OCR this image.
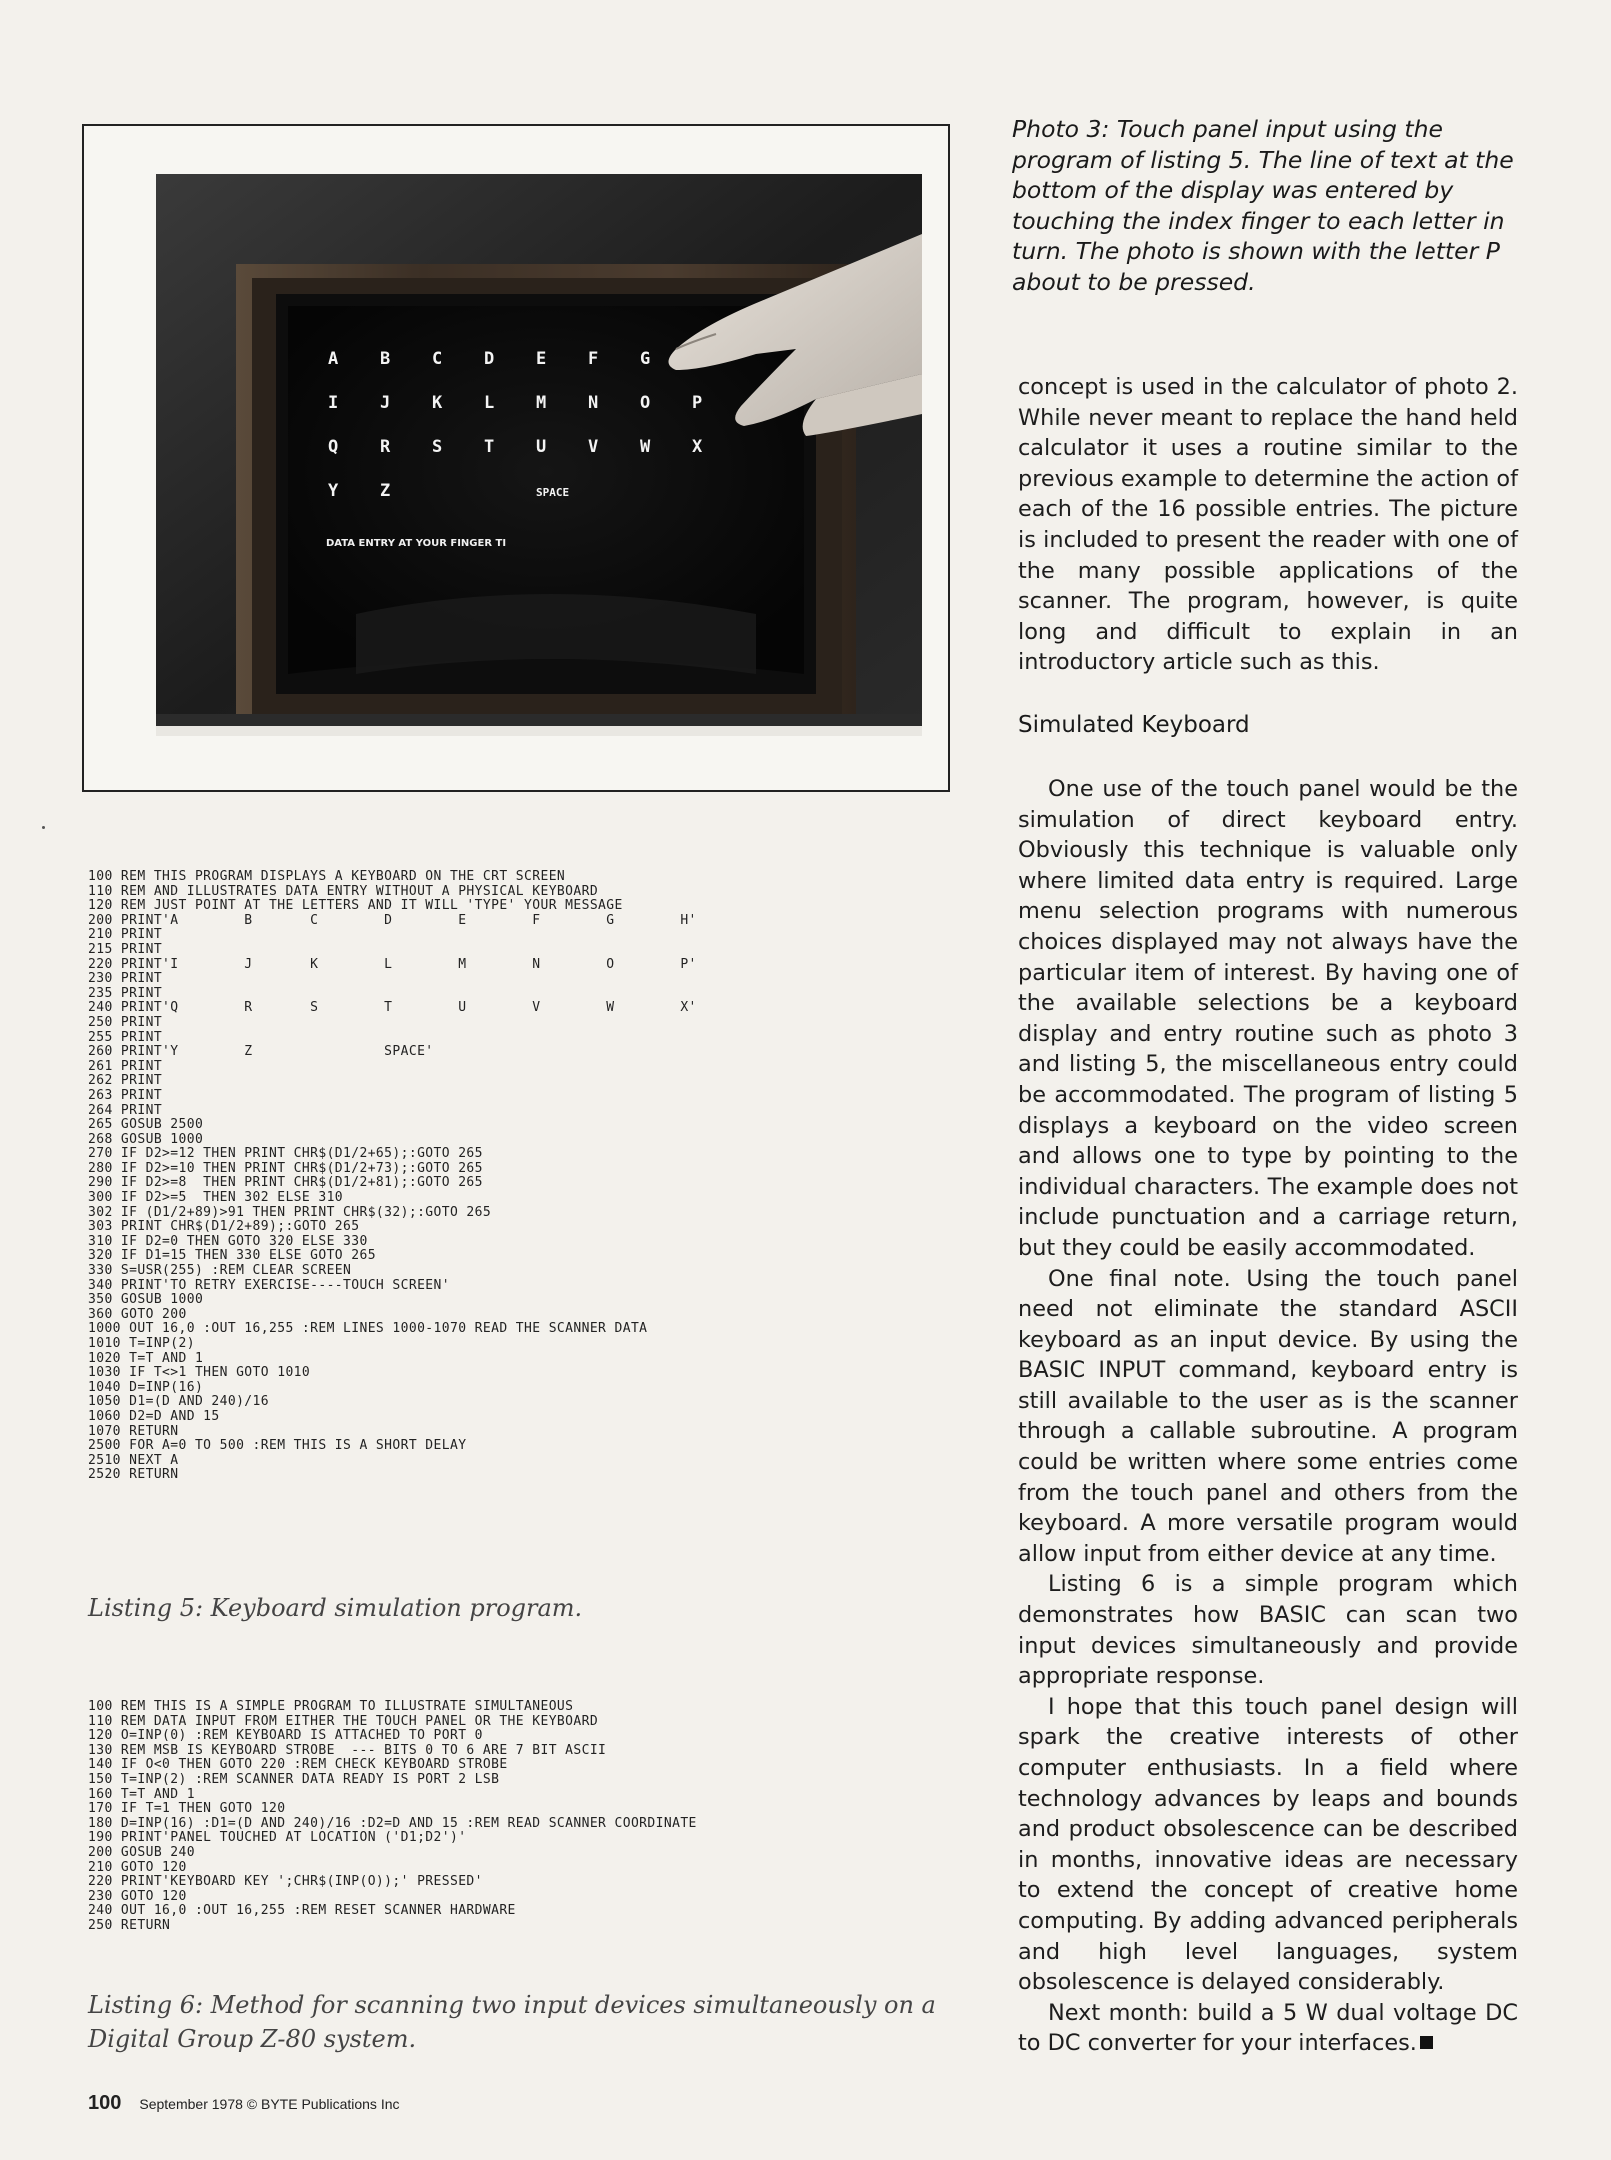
A B C D E F G
I J K L M N O P
Q R S T U V W X
Y Z	SPACE
DATA ENTRY AT YOUR FINGER TI
Photo 3: Touch panel input using the program of listing 5. The line of text at the bottom of the display was entered by touching the index finger to each letter in turn. The photo is shown with the letter P about to be pressed.

concept is used in the calculator of photo 2. While never meant to replace the hand held calculator it uses a routine similar to the previous example to determine the action of each of the 16 possible entries. The picture is included to present the reader with one of the many possible applications of the scanner. The program, however, is quite long and difficult to explain in an introductory article such as this.

Simulated Keyboard

One use of the touch panel would be the simulation of direct keyboard entry. Obviously this technique is valuable only where limited data entry is required. Large menu selection programs with numerous choices displayed may not always have the particular item of interest. By having one of the available selections be a keyboard display and entry routine such as photo 3 and listing 5, the miscellaneous entry could be accommodated. The program of listing 5 displays a keyboard on the video screen and allows one to type by pointing to the individual characters. The example does not include punctuation and a carriage return, but they could be easily accommodated.

One final note. Using the touch panel need not eliminate the standard ASCII keyboard as an input device. By using the BASIC INPUT command, keyboard entry is still available to the user as is the scanner through a callable subroutine. A program could be written where some entries come from the touch panel and others from the keyboard. A more versatile program would allow input from either device at any time.

Listing 6 is a simple program which demonstrates how BASIC can scan two input devices simultaneously and provide appropriate response.

I hope that this touch panel design will spark the creative interests of other computer enthusiasts. In a field where technology advances by leaps and bounds and product obsolescence can be described in months, innovative ideas are necessary to extend the concept of creative home computing. By adding advanced peripherals and high level languages, system obsolescence is delayed considerably.

Next month: build a 5 W dual voltage DC to DC converter for your interfaces.

100 REM THIS PROGRAM DISPLAYS A KEYBOARD ON THE CRT SCREEN
110 REM AND ILLUSTRATES DATA ENTRY WITHOUT A PHYSICAL KEYBOARD
120 REM JUST POINT AT THE LETTERS AND IT WILL 'TYPE' YOUR MESSAGE
200 PRINT'A        B       C        D        E        F        G        H'
210 PRINT
215 PRINT
220 PRINT'I        J       K        L        M        N        O        P'
230 PRINT
235 PRINT
240 PRINT'Q        R       S        T        U        V        W        X'
250 PRINT
255 PRINT
260 PRINT'Y        Z                SPACE'
261 PRINT
262 PRINT
263 PRINT
264 PRINT
265 GOSUB 2500
268 GOSUB 1000
270 IF D2>=12 THEN PRINT CHR$(D1/2+65);:GOTO 265
280 IF D2>=10 THEN PRINT CHR$(D1/2+73);:GOTO 265
290 IF D2>=8  THEN PRINT CHR$(D1/2+81);:GOTO 265
300 IF D2>=5  THEN 302 ELSE 310
302 IF (D1/2+89)>91 THEN PRINT CHR$(32);:GOTO 265
303 PRINT CHR$(D1/2+89);:GOTO 265
310 IF D2=0 THEN GOTO 320 ELSE 330
320 IF D1=15 THEN 330 ELSE GOTO 265
330 S=USR(255) :REM CLEAR SCREEN
340 PRINT'TO RETRY EXERCISE----TOUCH SCREEN'
350 GOSUB 1000
360 GOTO 200
1000 OUT 16,0 :OUT 16,255 :REM LINES 1000-1070 READ THE SCANNER DATA
1010 T=INP(2)
1020 T=T AND 1
1030 IF T<>1 THEN GOTO 1010
1040 D=INP(16)
1050 D1=(D AND 240)/16
1060 D2=D AND 15
1070 RETURN
2500 FOR A=0 TO 500 :REM THIS IS A SHORT DELAY
2510 NEXT A
2520 RETURN
Listing 5: Keyboard simulation program.
100 REM THIS IS A SIMPLE PROGRAM TO ILLUSTRATE SIMULTANEOUS
110 REM DATA INPUT FROM EITHER THE TOUCH PANEL OR THE KEYBOARD
120 O=INP(0) :REM KEYBOARD IS ATTACHED TO PORT 0
130 REM MSB IS KEYBOARD STROBE  --- BITS 0 TO 6 ARE 7 BIT ASCII
140 IF O<0 THEN GOTO 220 :REM CHECK KEYBOARD STROBE
150 T=INP(2) :REM SCANNER DATA READY IS PORT 2 LSB
160 T=T AND 1
170 IF T=1 THEN GOTO 120
180 D=INP(16) :D1=(D AND 240)/16 :D2=D AND 15 :REM READ SCANNER COORDINATE
190 PRINT'PANEL TOUCHED AT LOCATION ('D1;D2')'
200 GOSUB 240
210 GOTO 120
220 PRINT'KEYBOARD KEY ';CHR$(INP(O));' PRESSED'
230 GOTO 120
240 OUT 16,0 :OUT 16,255 :REM RESET SCANNER HARDWARE
250 RETURN
Listing 6: Method for scanning two input devices simultaneously on a Digital Group Z-80 system.
100 September 1978 © BYTE Publications Inc
